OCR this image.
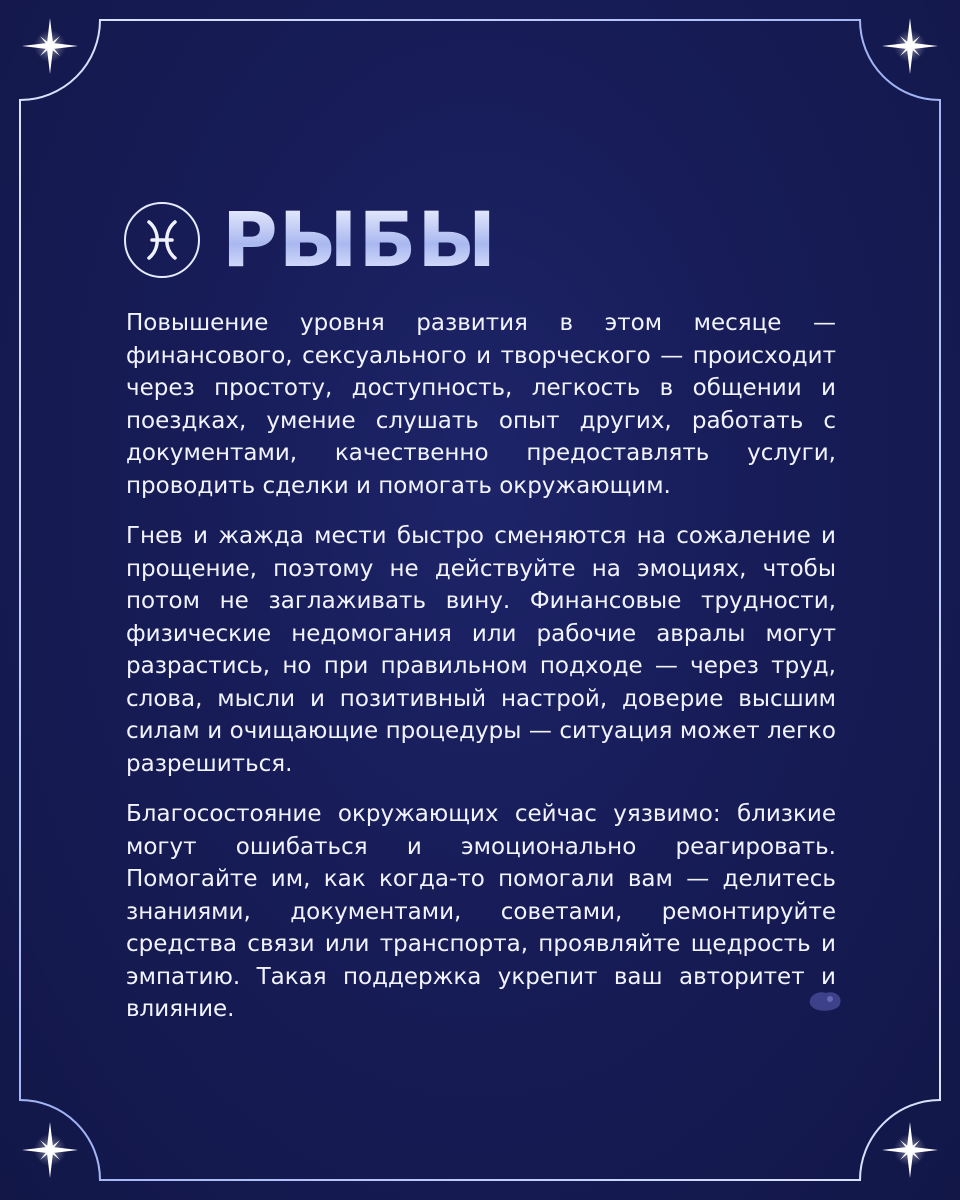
РЫБЫ

Повышение уровня развития в этом месяце — финансового, сексуального и творческого — происходит через простоту, доступность, легкость в общении и поездках, умение слушать опыт других, работать с документами, качественно предоставлять услуги, проводить сделки и помогать окружающим.

Гнев и жажда мести быстро сменяются на сожаление и прощение, поэтому не действуйте на эмоциях, чтобы потом не заглаживать вину. Финансовые трудности, физические недомогания или рабочие авралы могут разрастись, но при правильном подходе — через труд, слова, мысли и позитивный настрой, доверие высшим силам и очищающие процедуры — ситуация может легко разрешиться.

Благосостояние окружающих сейчас уязвимо: близкие могут ошибаться и эмоционально реагировать. Помогайте им, как когда-то помогали вам — делитесь знаниями, документами, советами, ремонтируйте средства связи или транспорта, проявляйте щедрость и эмпатию. Такая поддержка укрепит ваш авторитет и влияние.
